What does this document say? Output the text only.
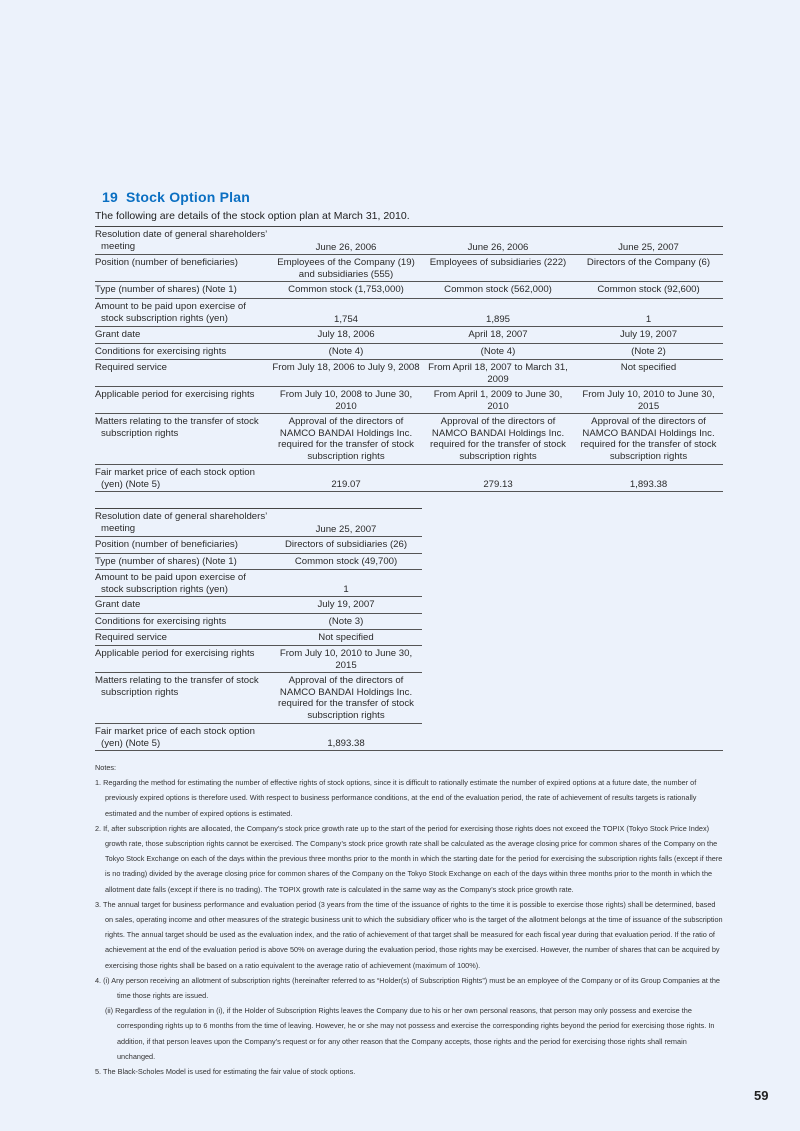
19 Stock Option Plan
The following are details of the stock option plan at March 31, 2010.
Resolution date of general shareholders’ meeting	June 26, 2006	June 26, 2006	June 25, 2007
Position (number of beneficiaries)	Employees of the Company (19) and subsidiaries (555)	Employees of subsidiaries (222)	Directors of the Company (6)
Type (number of shares) (Note 1)	Common stock (1,753,000)	Common stock (562,000)	Common stock (92,600)
Amount to be paid upon exercise of stock subscription rights (yen)	1,754	1,895	1
Grant date	July 18, 2006	April 18, 2007	July 19, 2007
Conditions for exercising rights	(Note 4)	(Note 4)	(Note 2)
Required service	From July 18, 2006 to July 9, 2008	From April 18, 2007 to March 31, 2009	Not specified
Applicable period for exercising rights	From July 10, 2008 to June 30, 2010	From April 1, 2009 to June 30, 2010	From July 10, 2010 to June 30, 2015
Matters relating to the transfer of stock subscription rights	Approval of the directors of NAMCO BANDAI Holdings Inc. required for the transfer of stock subscription rights	Approval of the directors of NAMCO BANDAI Holdings Inc. required for the transfer of stock subscription rights	Approval of the directors of NAMCO BANDAI Holdings Inc. required for the transfer of stock subscription rights
Fair market price of each stock option (yen) (Note 5)	219.07	279.13	1,893.38
Resolution date of general shareholders’ meeting	June 25, 2007
Position (number of beneficiaries)	Directors of subsidiaries (26)
Type (number of shares) (Note 1)	Common stock (49,700)
Amount to be paid upon exercise of stock subscription rights (yen)	1
Grant date	July 19, 2007
Conditions for exercising rights	(Note 3)
Required service	Not specified
Applicable period for exercising rights	From July 10, 2010 to June 30, 2015
Matters relating to the transfer of stock subscription rights	Approval of the directors of NAMCO BANDAI Holdings Inc. required for the transfer of stock subscription rights
Fair market price of each stock option (yen) (Note 5)	1,893.38
Notes:

1. Regarding the method for estimating the number of effective rights of stock options, since it is difficult to rationally estimate the number of expired options at a future date, the number of previously expired options is therefore used. With respect to business performance conditions, at the end of the evaluation period, the rate of achievement of results targets is rationally estimated and the number of expired options is estimated.

2. If, after subscription rights are allocated, the Company’s stock price growth rate up to the start of the period for exercising those rights does not exceed the TOPIX (Tokyo Stock Price Index) growth rate, those subscription rights cannot be exercised. The Company’s stock price growth rate shall be calculated as the average closing price for common shares of the Company on the Tokyo Stock Exchange on each of the days within the previous three months prior to the month in which the starting date for the period for exercising the subscription rights falls (except if there is no trading) divided by the average closing price for common shares of the Company on the Tokyo Stock Exchange on each of the days within three months prior to the month in which the allotment date falls (except if there is no trading). The TOPIX growth rate is calculated in the same way as the Company’s stock price growth rate.

3. The annual target for business performance and evaluation period (3 years from the time of the issuance of rights to the time it is possible to exercise those rights) shall be determined, based on sales, operating income and other measures of the strategic business unit to which the subsidiary officer who is the target of the allotment belongs at the time of issuance of the subscription rights. The annual target should be used as the evaluation index, and the ratio of achievement of that target shall be measured for each fiscal year during that evaluation period. If the ratio of achievement at the end of the evaluation period is above 50% on average during the evaluation period, those rights may be exercised. However, the number of shares that can be acquired by exercising those rights shall be based on a ratio equivalent to the average ratio of achievement (maximum of 100%).

4. (i) Any person receiving an allotment of subscription rights (hereinafter referred to as “Holder(s) of Subscription Rights”) must be an employee of the Company or of its Group Companies at the time those rights are issued.

(ii) Regardless of the regulation in (i), if the Holder of Subscription Rights leaves the Company due to his or her own personal reasons, that person may only possess and exercise the corresponding rights up to 6 months from the time of leaving. However, he or she may not possess and exercise the corresponding rights beyond the period for exercising those rights. In addition, if that person leaves upon the Company’s request or for any other reason that the Company accepts, those rights and the period for exercising those rights shall remain unchanged.

5. The Black-Scholes Model is used for estimating the fair value of stock options.

59
